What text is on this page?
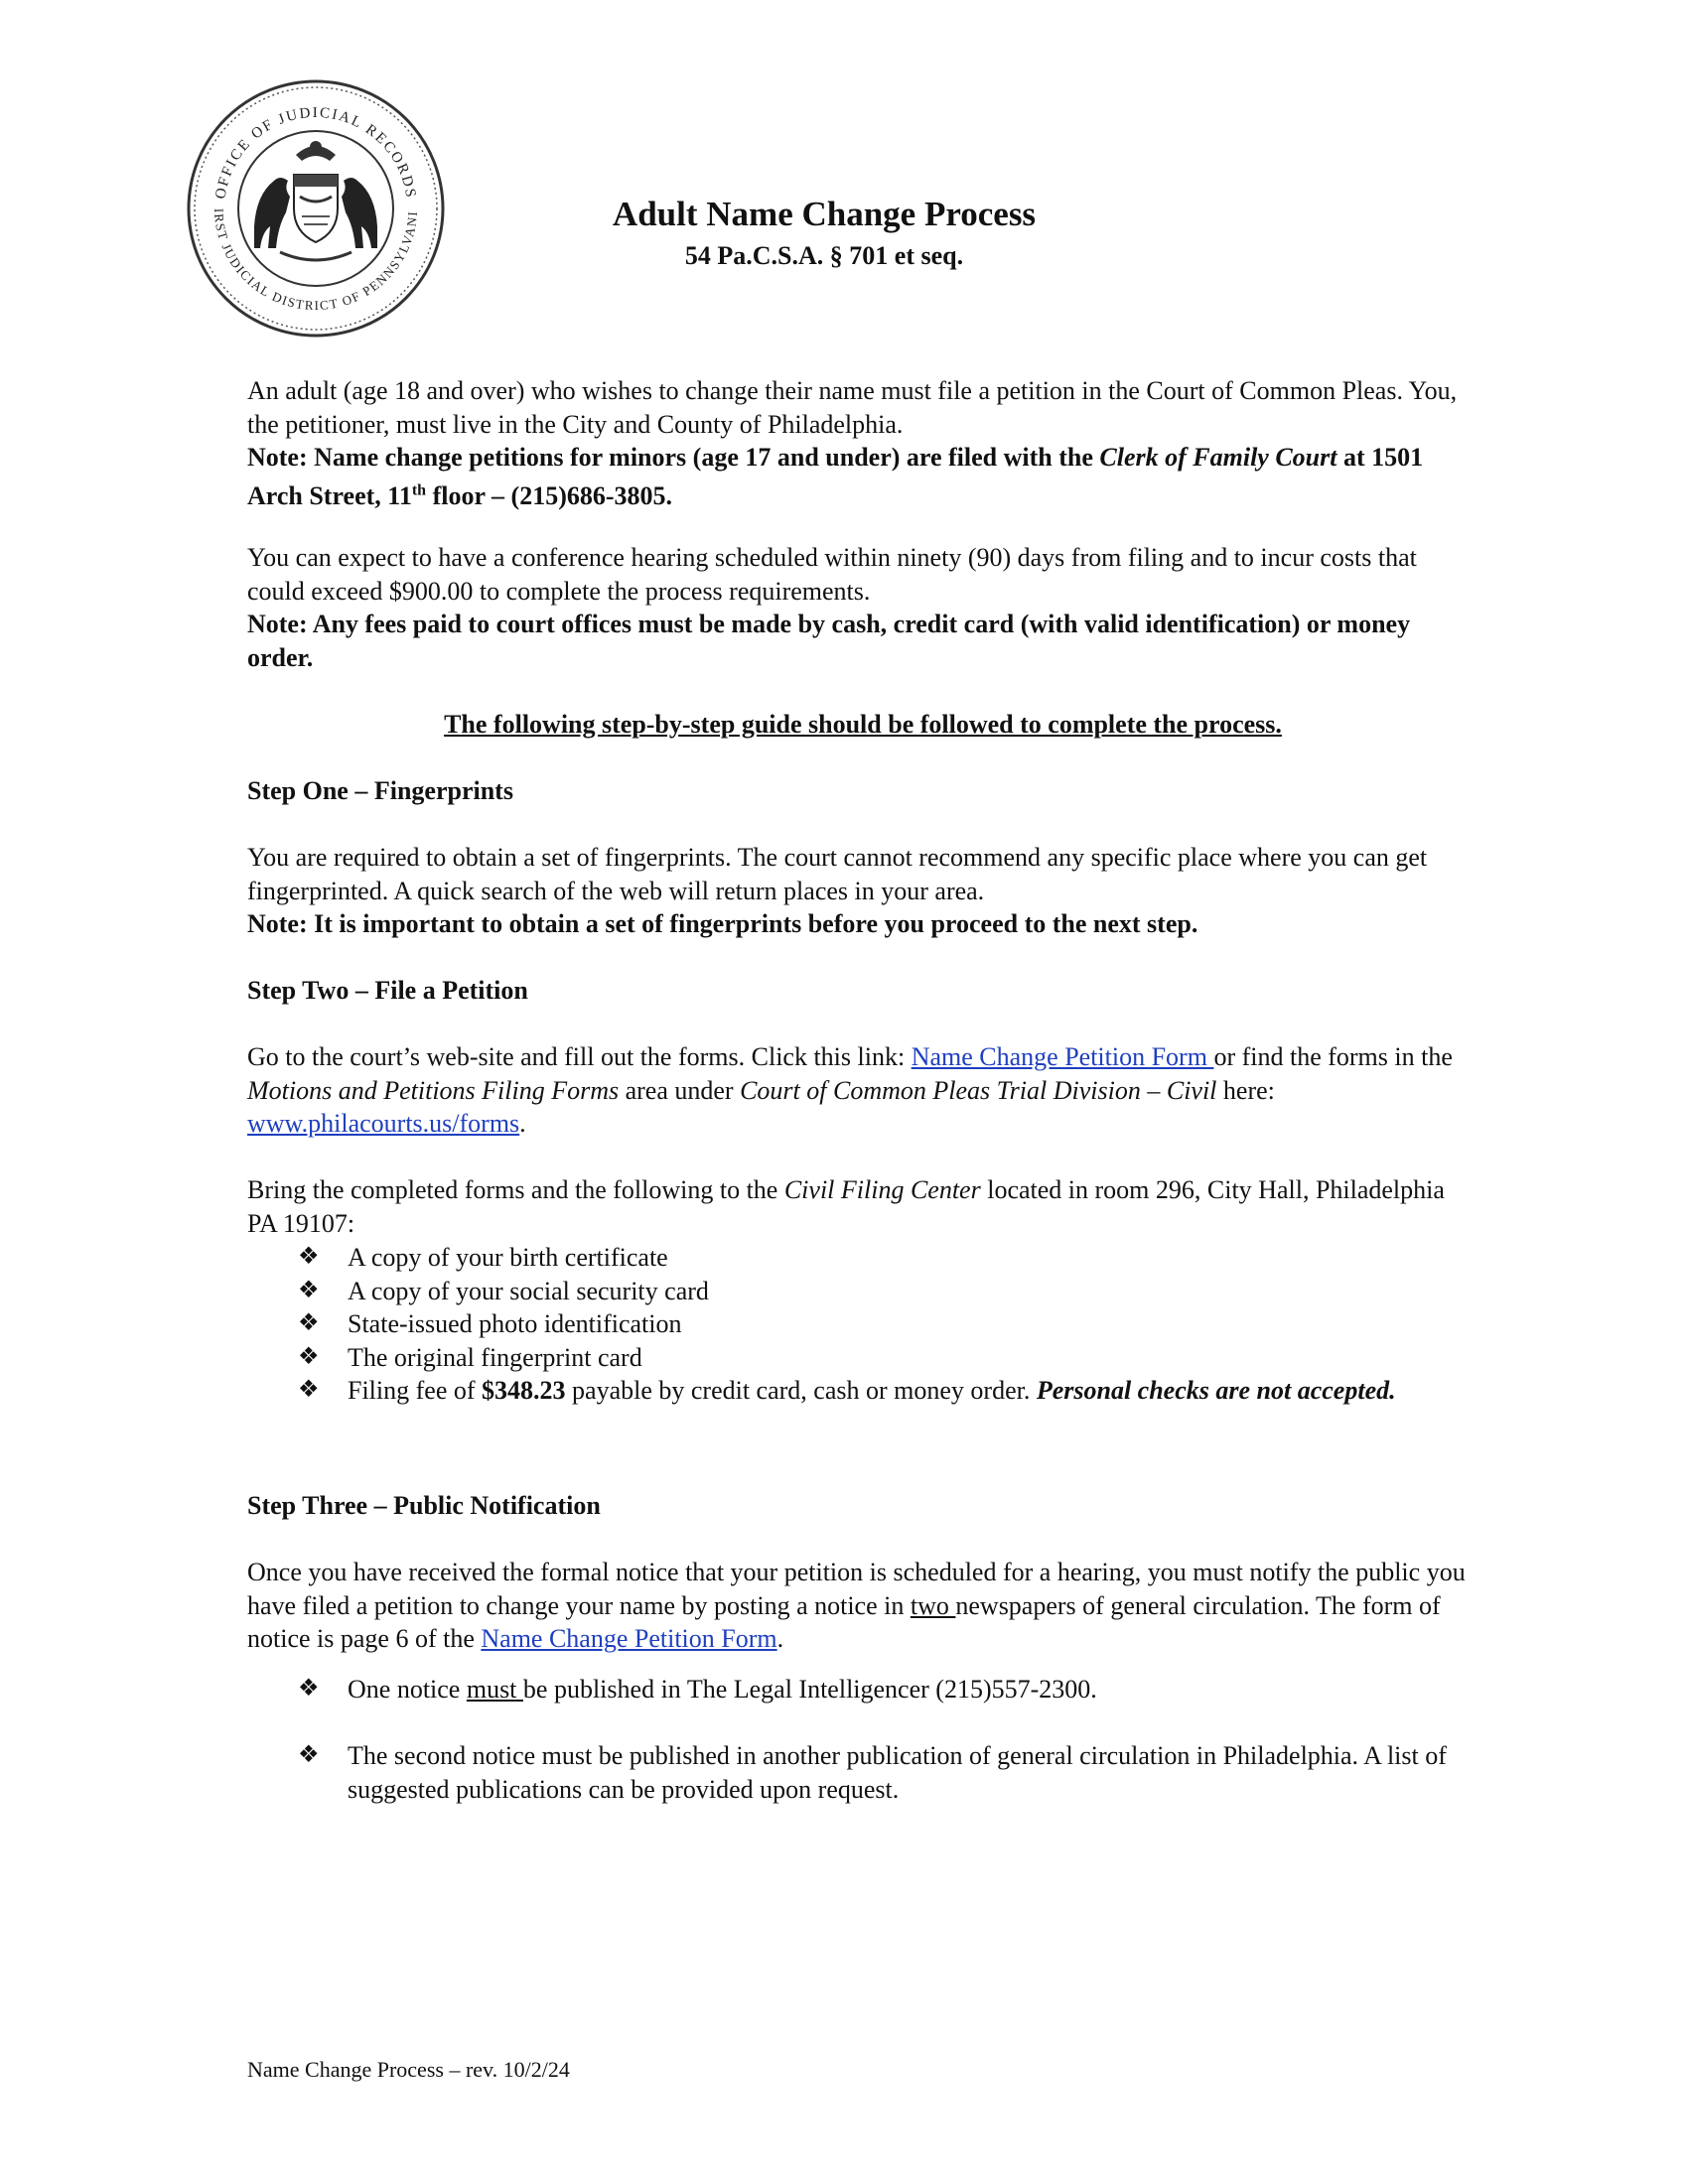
OFFICE OF JUDICIAL RECORDS
IRST JUDICIAL DISTRICT OF PENNSYLVANI	Adult Name Change Process
54 Pa.C.S.A. § 701 et seq.
An adult (age 18 and over) who wishes to change their name must file a petition in the Court of Common Pleas. You, the petitioner, must live in the City and County of Philadelphia.
Note: Name change petitions for minors (age 17 and under) are filed with the Clerk of Family Court at 1501 Arch Street, 11th floor – (215)686-3805.
You can expect to have a conference hearing scheduled within ninety (90) days from filing and to incur costs that could exceed $900.00 to complete the process requirements.
Note: Any fees paid to court offices must be made by cash, credit card (with valid identification) or money order.
The following step-by-step guide should be followed to complete the process.
Step One – Fingerprints
You are required to obtain a set of fingerprints. The court cannot recommend any specific place where you can get fingerprinted. A quick search of the web will return places in your area.
Note: It is important to obtain a set of fingerprints before you proceed to the next step.
Step Two – File a Petition
Go to the court’s web-site and fill out the forms. Click this link: Name Change Petition Form or find the forms in the Motions and Petitions Filing Forms area under Court of Common Pleas Trial Division – Civil here: www.philacourts.us/forms.
Bring the completed forms and the following to the Civil Filing Center located in room 296, City Hall, Philadelphia PA 19107:
❖ A copy of your birth certificate
❖ A copy of your social security card
❖ State-issued photo identification
❖ The original fingerprint card
❖ Filing fee of $348.23 payable by credit card, cash or money order. Personal checks are not accepted.
Step Three – Public Notification
Once you have received the formal notice that your petition is scheduled for a hearing, you must notify the public you have filed a petition to change your name by posting a notice in two newspapers of general circulation. The form of notice is page 6 of the Name Change Petition Form.
❖ One notice must be published in The Legal Intelligencer (215)557-2300.
❖ The second notice must be published in another publication of general circulation in Philadelphia. A list of suggested publications can be provided upon request.
Name Change Process – rev. 10/2/24
